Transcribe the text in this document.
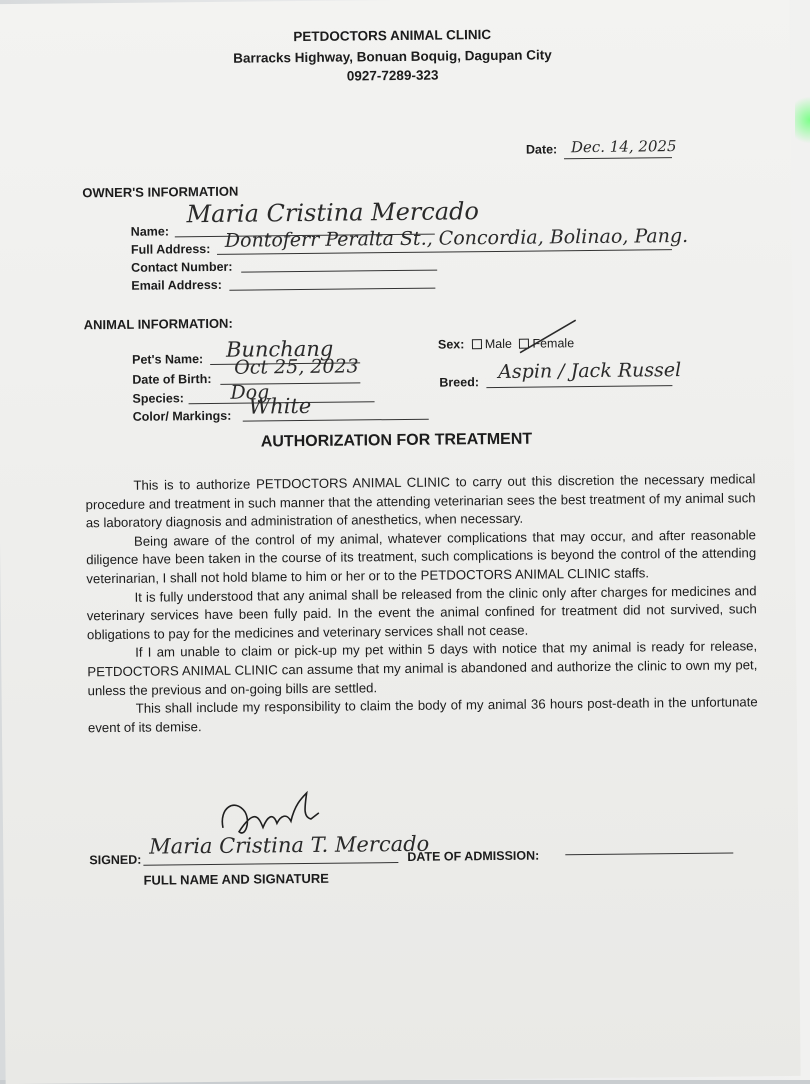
PETDOCTORS ANIMAL CLINIC
Barracks Highway, Bonuan Boquig, Dagupan City
0927-7289-323
Date: Dec. 14, 2025
OWNER'S INFORMATION
Name:
Maria Cristina Mercado
Full Address: Dontoferr Peralta St., Concordia, Bolinao, Pang.
Contact Number:
Email Address:
ANIMAL INFORMATION:
Pet's Name: Bunchang
Date of Birth:
Oct 25, 2023
Species: Dog
Color/ Markings: White
Sex: Male Female
Breed: Aspin / Jack Russel
AUTHORIZATION FOR TREATMENT

This is to authorize PETDOCTORS ANIMAL CLINIC to carry out this discretion the necessary medical procedure and treatment in such manner that the attending veterinarian sees the best treatment of my animal such as laboratory diagnosis and administration of anesthetics, when necessary.

Being aware of the control of my animal, whatever complications that may occur, and after reasonable diligence have been taken in the course of its treatment, such complications is beyond the control of the attending veterinarian, I shall not hold blame to him or her or to the PETDOCTORS ANIMAL CLINIC staffs.

It is fully understood that any animal shall be released from the clinic only after charges for medicines and veterinary services have been fully paid. In the event the animal confined for treatment did not survived, such obligations to pay for the medicines and veterinary services shall not cease.

If I am unable to claim or pick-up my pet within 5 days with notice that my animal is ready for release, PETDOCTORS ANIMAL CLINIC can assume that my animal is abandoned and authorize the clinic to own my pet, unless the previous and on-going bills are settled.

This shall include my responsibility to claim the body of my animal 36 hours post-death in the unfortunate event of its demise.

SIGNED:
Maria Cristina T. Mercado
FULL NAME AND SIGNATURE
DATE OF ADMISSION:
